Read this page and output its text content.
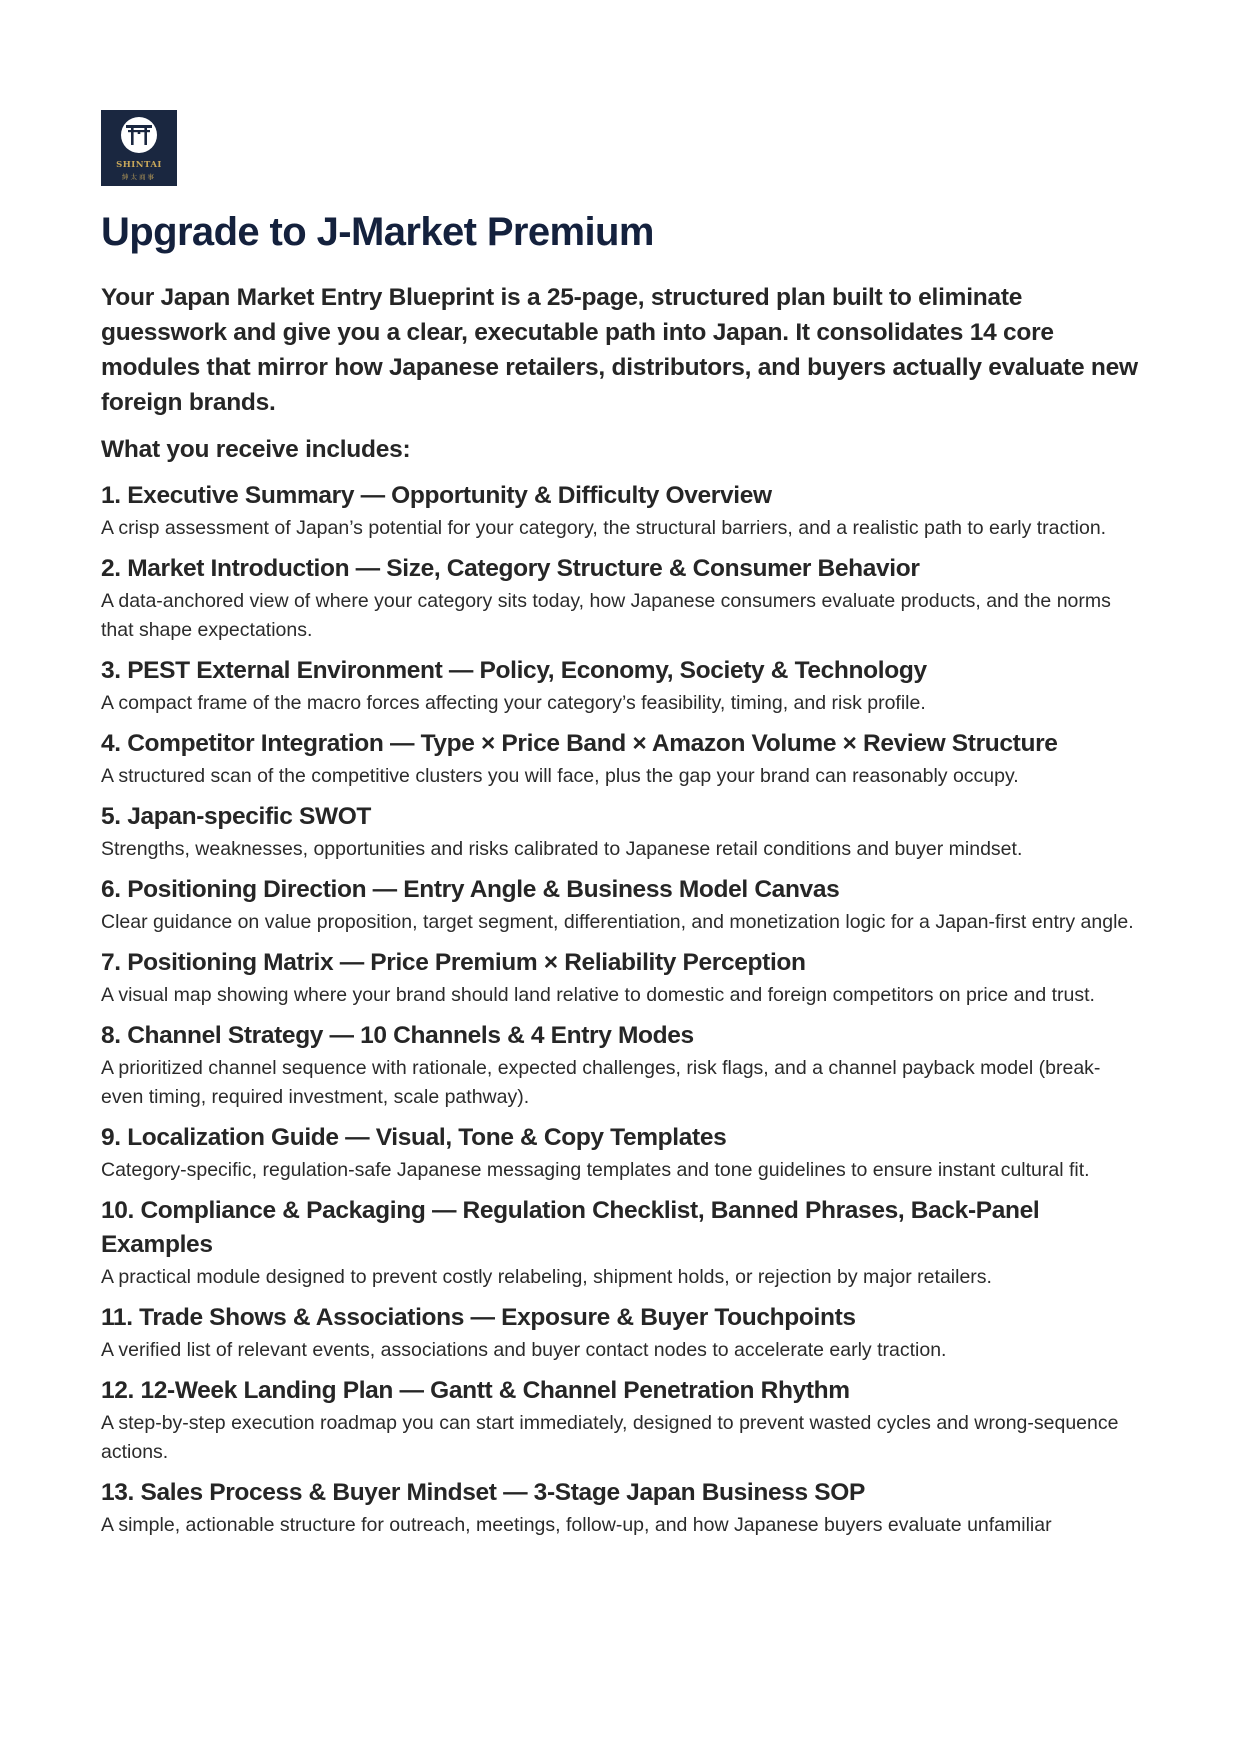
SHINTAI
紳太商事
Upgrade to J-Market Premium

Your Japan Market Entry Blueprint is a 25-page, structured plan built to eliminate guesswork and give you a clear, executable path into Japan. It consolidates 14 core modules that mirror how Japanese retailers, distributors, and buyers actually evaluate new foreign brands.

What you receive includes:

1. Executive Summary — Opportunity & Difficulty Overview
A crisp assessment of Japan’s potential for your category, the structural barriers, and a realistic path to early traction.
2. Market Introduction — Size, Category Structure & Consumer Behavior
A data-anchored view of where your category sits today, how Japanese consumers evaluate products, and the norms that shape expectations.
3. PEST External Environment — Policy, Economy, Society & Technology
A compact frame of the macro forces affecting your category’s feasibility, timing, and risk profile.
4. Competitor Integration — Type × Price Band × Amazon Volume × Review Structure
A structured scan of the competitive clusters you will face, plus the gap your brand can reasonably occupy.
5. Japan-specific SWOT
Strengths, weaknesses, opportunities and risks calibrated to Japanese retail conditions and buyer mindset.
6. Positioning Direction — Entry Angle & Business Model Canvas
Clear guidance on value proposition, target segment, differentiation, and monetization logic for a Japan-first entry angle.
7. Positioning Matrix — Price Premium × Reliability Perception
A visual map showing where your brand should land relative to domestic and foreign competitors on price and trust.
8. Channel Strategy — 10 Channels & 4 Entry Modes
A prioritized channel sequence with rationale, expected challenges, risk flags, and a channel payback model (break-even timing, required investment, scale pathway).
9. Localization Guide — Visual, Tone & Copy Templates
Category-specific, regulation-safe Japanese messaging templates and tone guidelines to ensure instant cultural fit.
10. Compliance & Packaging — Regulation Checklist, Banned Phrases, Back-Panel Examples
A practical module designed to prevent costly relabeling, shipment holds, or rejection by major retailers.
11. Trade Shows & Associations — Exposure & Buyer Touchpoints
A verified list of relevant events, associations and buyer contact nodes to accelerate early traction.
12. 12-Week Landing Plan — Gantt & Channel Penetration Rhythm
A step-by-step execution roadmap you can start immediately, designed to prevent wasted cycles and wrong-sequence actions.
13. Sales Process & Buyer Mindset — 3-Stage Japan Business SOP
A simple, actionable structure for outreach, meetings, follow-up, and how Japanese buyers evaluate unfamiliar
